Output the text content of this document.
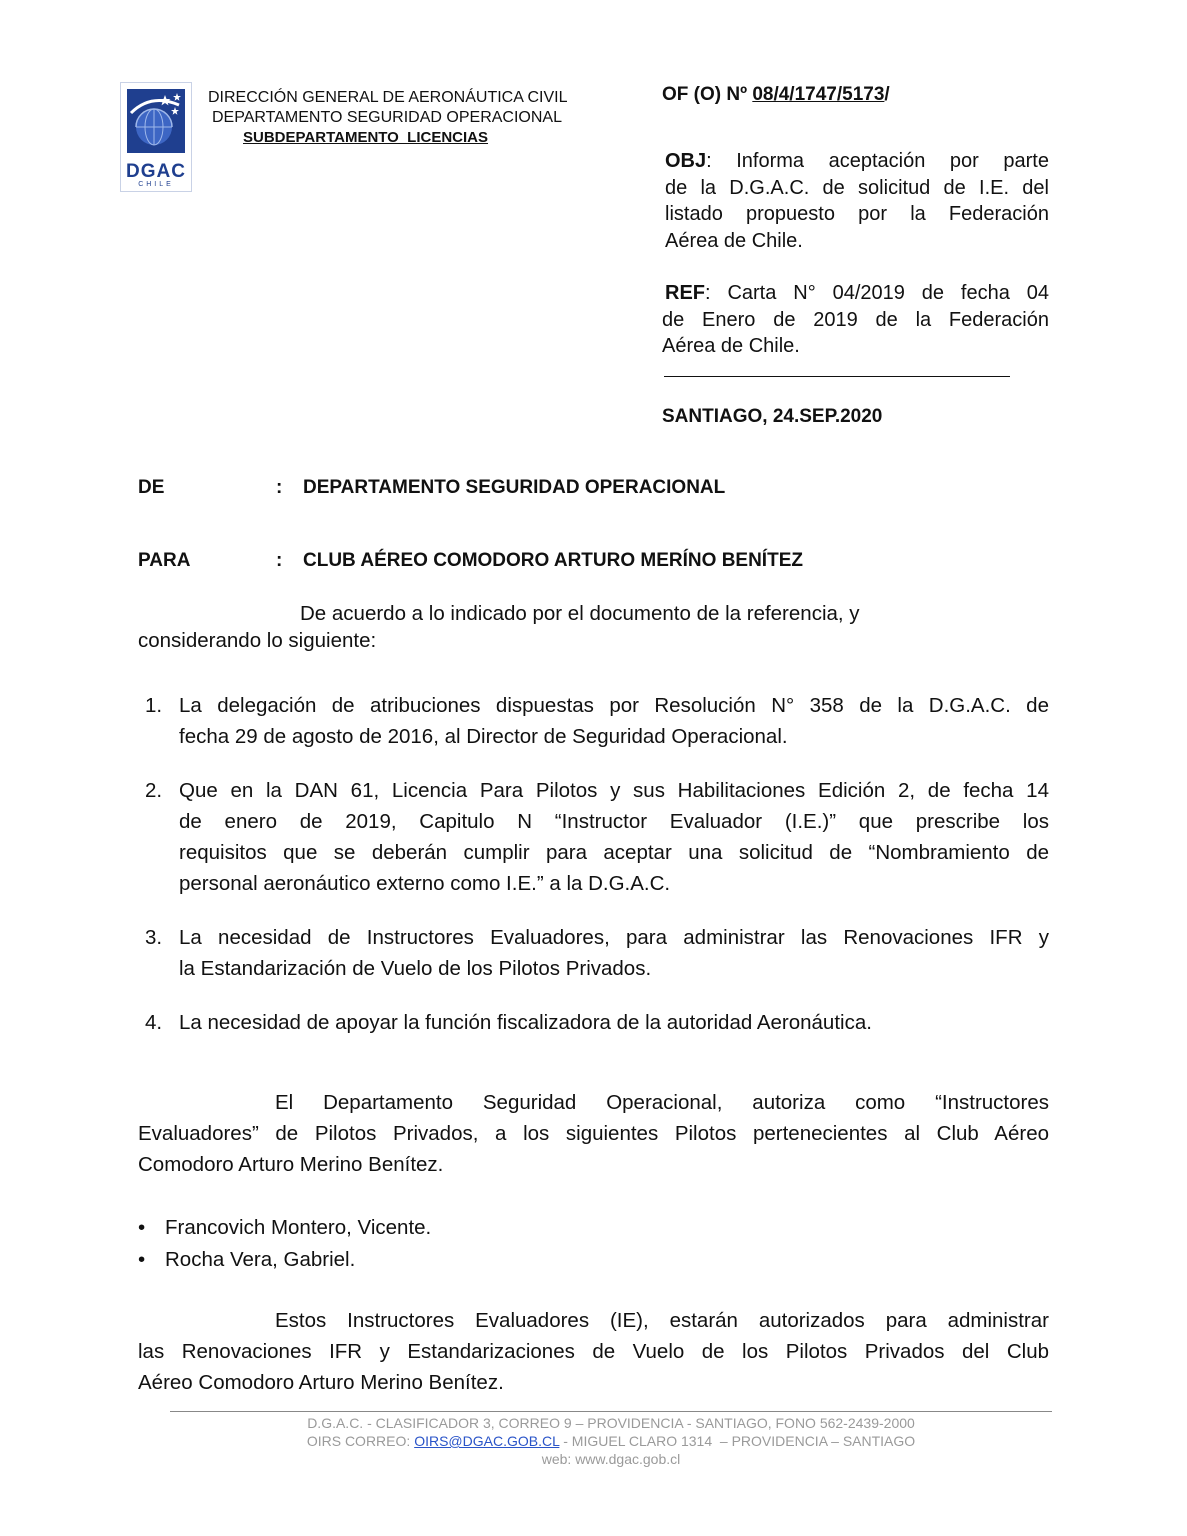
DGAC
CHILE
DIRECCIÓN GENERAL DE AERONÁUTICA CIVIL
DEPARTAMENTO SEGURIDAD OPERACIONAL
SUBDEPARTAMENTO  LICENCIAS
OF (O) Nº 08/4/1747/5173/
OBJ: Informa aceptación por parte
de la D.G.A.C. de solicitud de I.E. del
listado propuesto por la Federación
Aérea de Chile.
REF: Carta N° 04/2019 de fecha 04
de Enero de 2019 de la Federación
Aérea de Chile.
SANTIAGO, 24.SEP.2020
DE	: DEPARTAMENTO SEGURIDAD OPERACIONAL
PARA	: CLUB AÉREO COMODORO ARTURO MERÍNO BENÍTEZ
De acuerdo a lo indicado por el documento de la referencia, y
considerando lo siguiente:
1. La delegación de atribuciones dispuestas por Resolución N° 358 de la D.G.A.C. de
fecha 29 de agosto de 2016, al Director de Seguridad Operacional.
2. Que en la DAN 61, Licencia Para Pilotos y sus Habilitaciones Edición 2, de fecha 14
de enero de 2019, Capitulo N “Instructor Evaluador (I.E.)” que prescribe los
requisitos que se deberán cumplir para aceptar una solicitud de “Nombramiento de
personal aeronáutico externo como I.E.” a la D.G.A.C.
3. La necesidad de Instructores Evaluadores, para administrar las Renovaciones IFR y
la Estandarización de Vuelo de los Pilotos Privados.
4. La necesidad de apoyar la función fiscalizadora de la autoridad Aeronáutica.
El Departamento Seguridad Operacional, autoriza como “Instructores
Evaluadores” de Pilotos Privados, a los siguientes Pilotos pertenecientes al Club Aéreo
Comodoro Arturo Merino Benítez.
• Francovich Montero, Vicente.
• Rocha Vera, Gabriel.
Estos Instructores Evaluadores (IE), estarán autorizados para administrar
las Renovaciones IFR y Estandarizaciones de Vuelo de los Pilotos Privados del Club
Aéreo Comodoro Arturo Merino Benítez.
D.G.A.C. - CLASIFICADOR 3, CORREO 9 – PROVIDENCIA - SANTIAGO, FONO 562-2439-2000
OIRS CORREO: OIRS@DGAC.GOB.CL - MIGUEL CLARO 1314  – PROVIDENCIA – SANTIAGO
web: www.dgac.gob.cl
